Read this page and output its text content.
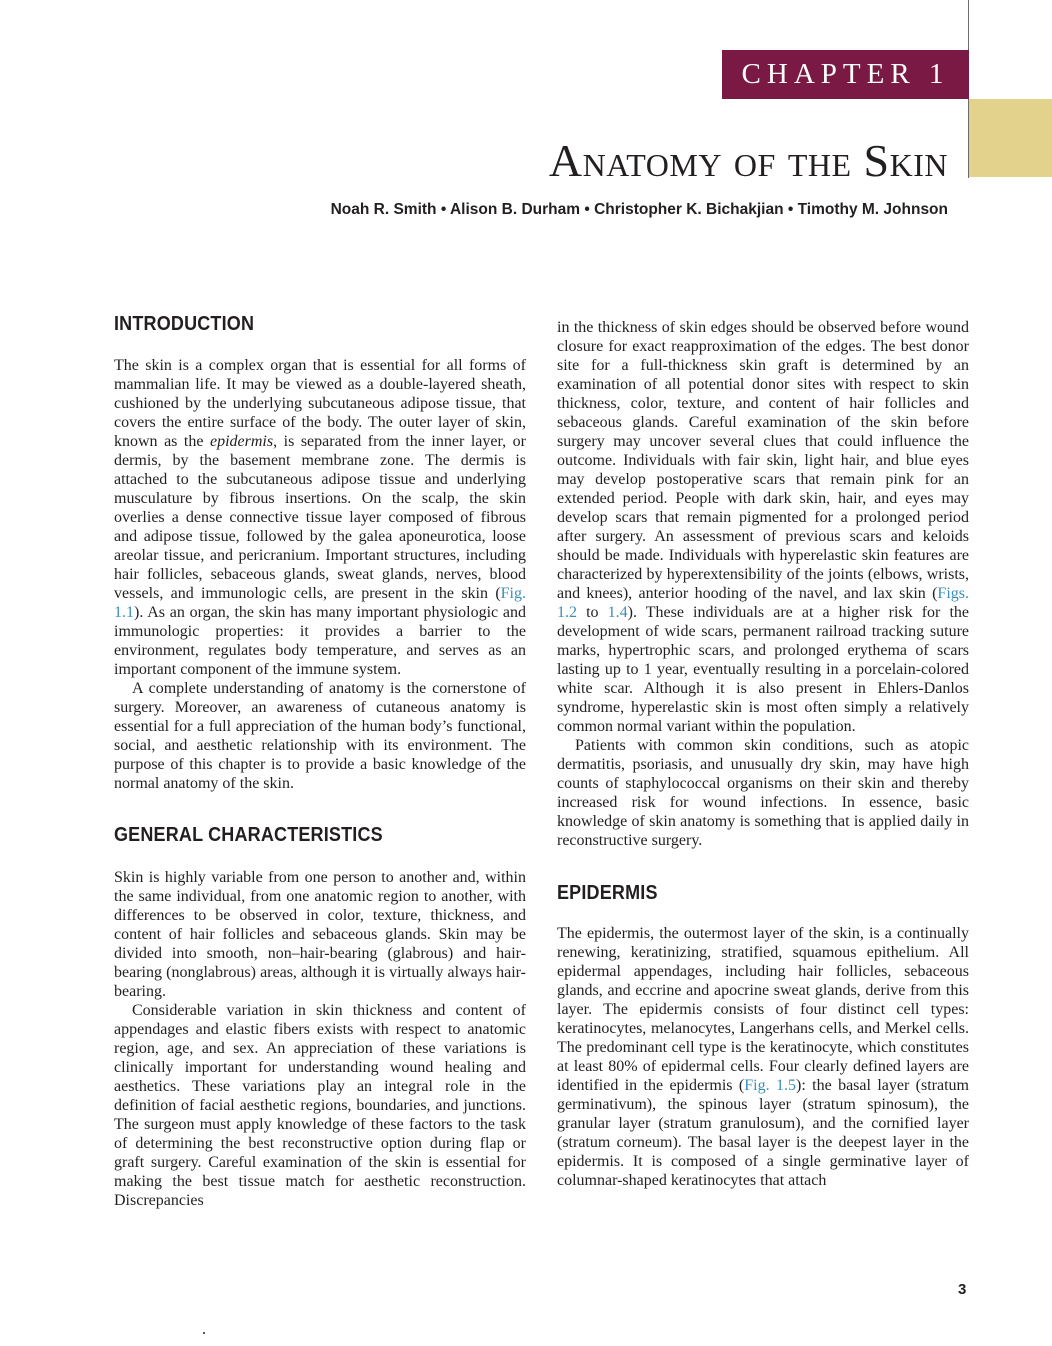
CHAPTER 1
Anatomy of the Skin

Noah R. Smith • Alison B. Durham • Christopher K. Bichakjian • Timothy M. Johnson

INTRODUCTION

The skin is a complex organ that is essential for all forms of mammalian life. It may be viewed as a double-layered sheath, cushioned by the underlying subcutaneous adipose tissue, that covers the entire surface of the body. The outer layer of skin, known as the epidermis, is separated from the inner layer, or dermis, by the basement membrane zone. The dermis is attached to the subcutaneous adipose tissue and underlying musculature by fibrous insertions. On the scalp, the skin overlies a dense connective tissue layer composed of fibrous and adipose tissue, followed by the galea aponeurotica, loose areolar tissue, and pericranium. Important structures, including hair follicles, sebaceous glands, sweat glands, nerves, blood vessels, and immunologic cells, are present in the skin (Fig. 1.1). As an organ, the skin has many important physiologic and immunologic properties: it provides a barrier to the environment, regulates body temperature, and serves as an important component of the immune system.

A complete understanding of anatomy is the cornerstone of surgery. Moreover, an awareness of cutaneous anatomy is essential for a full appreciation of the human body’s functional, social, and aesthetic relationship with its environment. The purpose of this chapter is to provide a basic knowledge of the normal anatomy of the skin.

GENERAL CHARACTERISTICS

Skin is highly variable from one person to another and, within the same individual, from one anatomic region to another, with differences to be observed in color, texture, thickness, and content of hair follicles and sebaceous glands. Skin may be divided into smooth, non–hair-bearing (glabrous) and hair-bearing (nonglabrous) areas, although it is virtually always hair-bearing.

Considerable variation in skin thickness and content of appendages and elastic fibers exists with respect to anatomic region, age, and sex. An appreciation of these variations is clinically important for understanding wound healing and aesthetics. These variations play an integral role in the definition of facial aesthetic regions, boundaries, and junctions. The surgeon must apply knowledge of these factors to the task of determining the best reconstructive option during flap or graft surgery. Careful examination of the skin is essential for making the best tissue match for aesthetic reconstruction. Discrepancies

in the thickness of skin edges should be observed before wound closure for exact reapproximation of the edges. The best donor site for a full-thickness skin graft is determined by an examination of all potential donor sites with respect to skin thickness, color, texture, and content of hair follicles and sebaceous glands. Careful examination of the skin before surgery may uncover several clues that could influence the outcome. Individuals with fair skin, light hair, and blue eyes may develop postoperative scars that remain pink for an extended period. People with dark skin, hair, and eyes may develop scars that remain pigmented for a prolonged period after surgery. An assessment of previous scars and keloids should be made. Individuals with hyperelastic skin features are characterized by hyperextensibility of the joints (elbows, wrists, and knees), anterior hooding of the navel, and lax skin (Figs. 1.2 to 1.4). These individuals are at a higher risk for the development of wide scars, permanent railroad tracking suture marks, hypertrophic scars, and prolonged erythema of scars lasting up to 1 year, eventually resulting in a porcelain-colored white scar. Although it is also present in Ehlers-Danlos syndrome, hyperelastic skin is most often simply a relatively common normal variant within the population.

Patients with common skin conditions, such as atopic dermatitis, psoriasis, and unusually dry skin, may have high counts of staphylococcal organisms on their skin and thereby increased risk for wound infections. In essence, basic knowledge of skin anatomy is something that is applied daily in reconstructive surgery.

EPIDERMIS

The epidermis, the outermost layer of the skin, is a continually renewing, keratinizing, stratified, squamous epithelium. All epidermal appendages, including hair follicles, sebaceous glands, and eccrine and apocrine sweat glands, derive from this layer. The epidermis consists of four distinct cell types: keratinocytes, melanocytes, Langerhans cells, and Merkel cells. The predominant cell type is the keratinocyte, which constitutes at least 80% of epidermal cells. Four clearly defined layers are identified in the epidermis (Fig. 1.5): the basal layer (stratum germinativum), the spinous layer (stratum spinosum), the granular layer (stratum granulosum), and the cornified layer (stratum corneum). The basal layer is the deepest layer in the epidermis. It is composed of a single germinative layer of columnar-shaped keratinocytes that attach

3
